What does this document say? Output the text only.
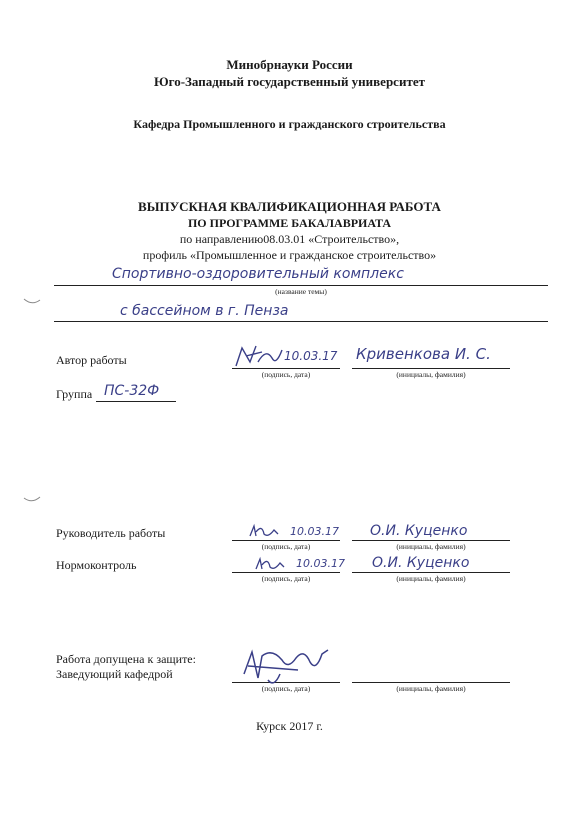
Минобрнауки России
Юго-Западный государственный университет
Кафедра Промышленного и гражданского строительства
ВЫПУСКНАЯ КВАЛИФИКАЦИОННАЯ РАБОТА
ПО ПРОГРАММЕ БАКАЛАВРИАТА
по направлению08.03.01 «Строительство»,
профиль «Промышленное и гражданское строительство»
Спортивно-оздоровительный комплекс
(название темы)
с бассейном в г. Пенза
Автор работы
(подпись, дата)
10.03.17
(инициалы, фамилия)
Кривенкова И. С.
Группа ПС-32Ф
Руководитель работы
(подпись, дата)
10.03.17
(инициалы, фамилия)
О.И. Куценко
Нормоконтроль
(подпись, дата)
10.03.17
(инициалы, фамилия)
О.И. Куценко
Работа допущена к защите:
Заведующий кафедрой
(подпись, дата)	(инициалы, фамилия)
Курск 2017 г.
